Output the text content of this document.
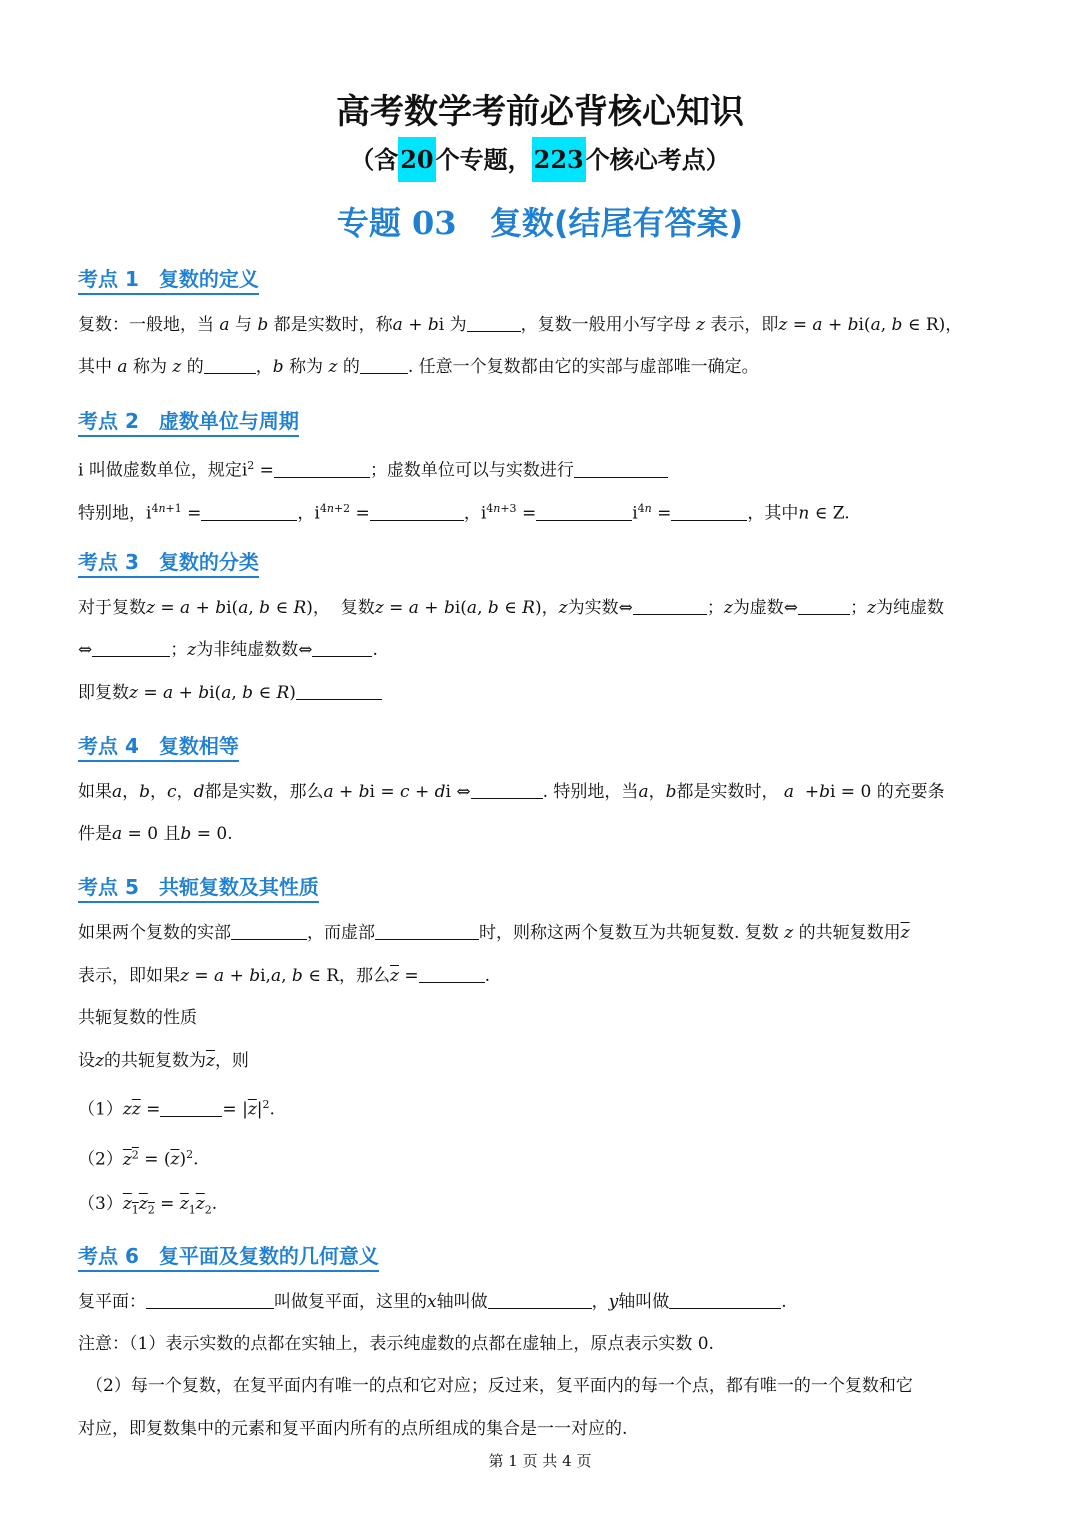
高考数学考前必背核心知识
（含20个专题，223个核心考点）
专题 03 复数(结尾有答案)
考点 1 复数的定义
复数：一般地，当 a 与 b 都是实数时，称a + bi 为	，复数一般用小写字母 z 表示，即z = a + bi(a, b ∈ R)，
其中 a 称为 z 的	，b 称为 z 的	. 任意一个复数都由它的实部与虚部唯一确定。
考点 2 虚数单位与周期
i 叫做虚数单位，规定$i^2$ =	；虚数单位可以与实数进行
特别地，$i^{4n+1}$ =	，$i^{4n+2}$ =	，$i^{4n+3}$ =	$i^{4n}$ =	，其中n ∈ Z.
考点 3 复数的分类
对于复数z = a + bi(a, b ∈ R)， 复数z = a + bi(a, b ∈ R)，z为实数⇔	；z为虚数⇔	；z为纯虚数
⇔	；z为非纯虚数数⇔	.
即复数z = a + bi(a, b ∈ R)
考点 4 复数相等
如果a，b，c，d都是实数，那么a + bi = c + di ⇔	. 特别地，当a，b都是实数时， a  +bi = 0 的充要条
件是a = 0 且b = 0.
考点 5 共轭复数及其性质
如果两个复数的实部	，而虚部	时，则称这两个复数互为共轭复数. 复数 z 的共轭复数用$\overline{z}$
表示，即如果z = a + bi,a, b ∈ R，那么$\overline{z}$ =	.
共轭复数的性质
设z的共轭复数为$\overline{z}$，则
$(1)z\overline{z}$ =	= $|\overline{z}|^2$.
$(2)z^2 = (\overline{z})^2$.
$(3)z_1z_2 = \overline{z}_1\overline{z}_2$.
考点 6 复平面及复数的几何意义
复平面：	叫做复平面，这里的x轴叫做	，y轴叫做	.
注意：（1）表示实数的点都在实轴上，表示纯虚数的点都在虚轴上，原点表示实数 0.
（2）每一个复数，在复平面内有唯一的点和它对应；反过来，复平面内的每一个点，都有唯一的一个复数和它
对应，即复数集中的元素和复平面内所有的点所组成的集合是一一对应的.
第 1 页 共 4 页
